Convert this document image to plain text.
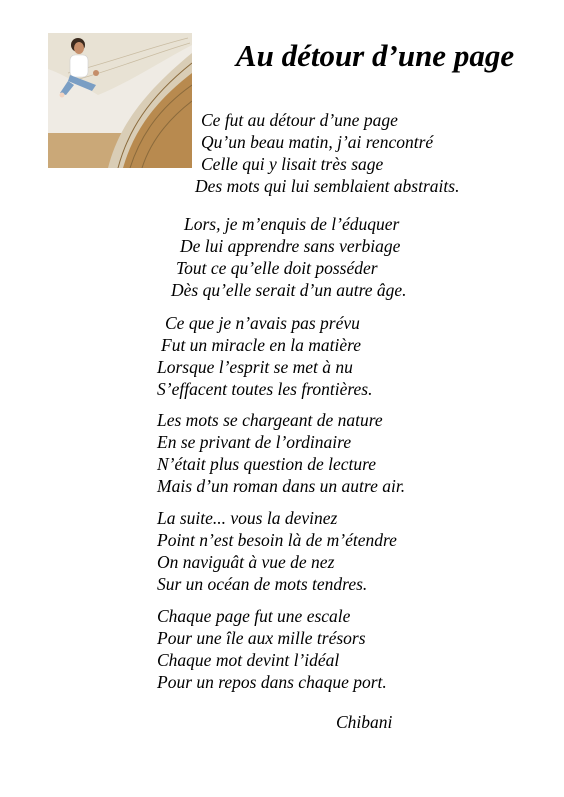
Au détour d’une page
Ce fut au détour d’une page
Qu’un beau matin, j’ai rencontré
Celle qui y lisait très sage
Des mots qui lui semblaient abstraits.
Lors, je m’enquis de l’éduquer
De lui apprendre sans verbiage
Tout ce qu’elle doit posséder
Dès qu’elle serait d’un autre âge.
Ce que je n’avais pas prévu
Fut un miracle en la matière
Lorsque l’esprit se met à nu
S’effacent toutes les frontières.
Les mots se chargeant de nature
En se privant de l’ordinaire
N’était plus question de lecture
Mais d’un roman dans un autre air.
La suite... vous la devinez
Point n’est besoin là de m’étendre
On naviguât à vue de nez
Sur un océan de mots tendres.
Chaque page fut une escale
Pour une île aux mille trésors
Chaque mot devint l’idéal
Pour un repos dans chaque port.
Chibani
